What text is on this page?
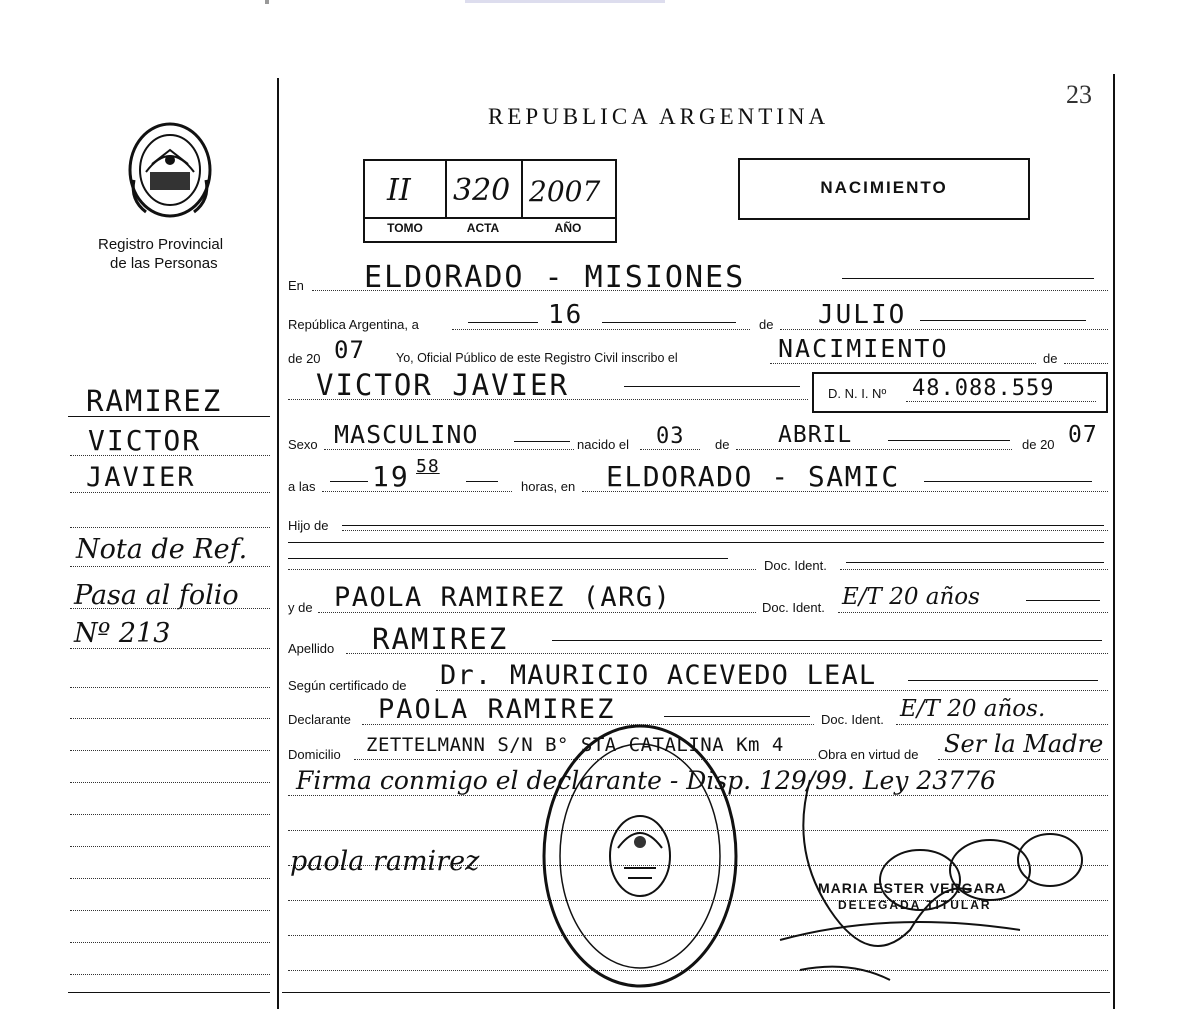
23
Registro Provincial
de las Personas
REPUBLICA ARGENTINA
II 320 2007
TOMO	ACTA	AÑO
NACIMIENTO
RAMIREZ
VICTOR
JAVIER
Nota de Ref.
Pasa al folio
Nº 213
En ELDORADO - MISIONES
República Argentina, a	16	de JULIO
de 20 07 Yo, Oficial Público de este Registro Civil inscribo el	NACIMIENTO	de
VICTOR JAVIER	D. N. I. Nº 48.088.559
Sexo MASCULINO	nacido el 03 de ABRIL	de 20 07
a las 19 58
horas, en ELDORADO - SAMIC
Hijo de
Doc. Ident.
y de PAOLA RAMIREZ (ARG)	Doc. Ident. E/T 20 años
Apellido RAMIREZ
Según certificado de Dr. MAURICIO ACEVEDO LEAL
Declarante PAOLA RAMIREZ	Doc. Ident. E/T 20 años.
Domicilio ZETTELMANN S/N B° STA CATALINA Km 4	Obra en virtud de Ser la Madre
Firma conmigo el declarante - Disp. 129/99. Ley 23776
paola ramirez
MARIA ESTER VERGARA
DELEGADA TITULAR
